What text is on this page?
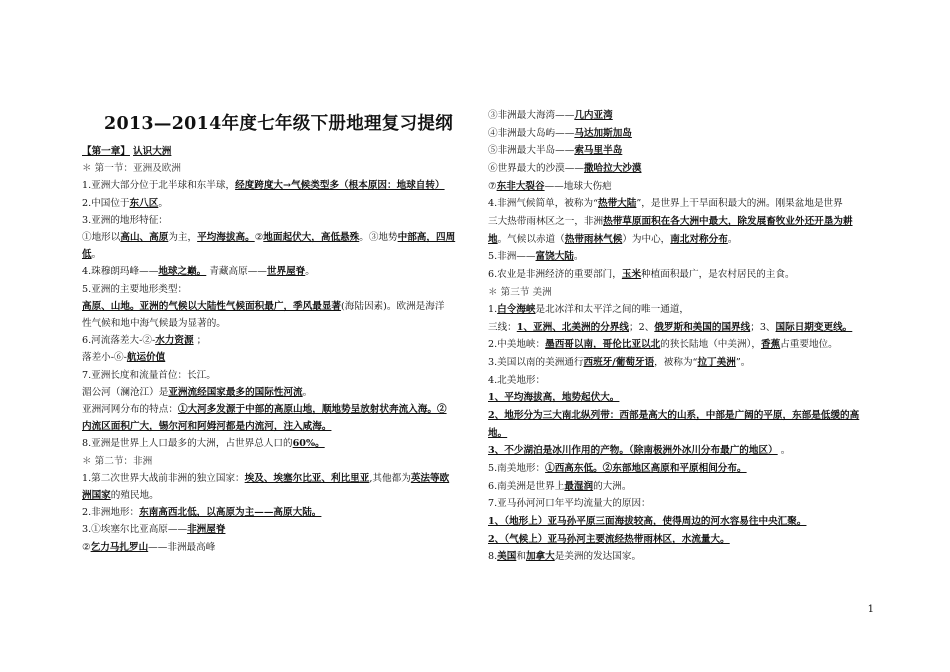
2013—2014年度七年级下册地理复习提纲
【第一章】 认识大洲
＊ 第一节：亚洲及欧洲
1.亚洲大部分位于北半球和东半球，经度跨度大→气候类型多（根本原因：地球自转）
2.中国位于东八区。
3.亚洲的地形特征：
①地形以高山、高原为主，平均海拔高。②地面起伏大，高低悬殊。③地势中部高，四周
低。
4.珠穆朗玛峰——地球之巅。 青藏高原——世界屋脊。
5.亚洲的主要地形类型：
高原、山地。亚洲的气候以大陆性气候面积最广，季风最显著(海陆因素)。欧洲是海洋
性气候和地中海气候最为显著的。
6.河流落差大-②-水力资源 ；
落差小-⑥-航运价值
7.亚洲长度和流量首位：长江。
湄公河（澜沧江）是亚洲流经国家最多的国际性河流。
亚洲河网分布的特点：①大河多发源于中部的高原山地，顺地势呈放射状奔流入海。②
内流区面积广大，锡尔河和阿姆河都是内流河，注入咸海。
8.亚洲是世界上人口最多的大洲，占世界总人口的60%。
＊ 第二节：非洲
1.第二次世界大战前非洲的独立国家：埃及、埃塞尔比亚、利比里亚,其他都为英法等欧
洲国家的殖民地。
2.非洲地形：东南高西北低，以高原为主——高原大陆。
3.①埃塞尔比亚高原——非洲屋脊
②乞力马扎罗山——非洲最高峰
③非洲最大海湾——几内亚湾
④非洲最大岛屿——马达加斯加岛
⑤非洲最大半岛——索马里半岛
⑥世界最大的沙漠——撒哈拉大沙漠
⑦东非大裂谷——地球大伤疤
4.非洲气候简单，被称为“热带大陆”，是世界上干旱面积最大的洲。刚果盆地是世界
三大热带雨林区之一，非洲热带草原面积在各大洲中最大，除发展畜牧业外还开垦为耕
地。气候以赤道（热带雨林气候）为中心，南北对称分布。
5.非洲——富饶大陆。
6.农业是非洲经济的重要部门，玉米种植面积最广，是农村居民的主食。
＊ 第三节 美洲
1.白令海峡是北冰洋和太平洋之间的唯一通道，
三线：1、亚洲、北美洲的分界线；2、俄罗斯和美国的国界线；3、国际日期变更线。
2.中美地峡：墨西哥以南，哥伦比亚以北的狭长陆地（中美洲），香蕉占重要地位。
3.美国以南的美洲通行西班牙/葡萄牙语，被称为“拉丁美洲”。
4.北美地形：
1、平均海拔高，地势起伏大。
2、地形分为三大南北纵列带：西部是高大的山系，中部是广阔的平原，东部是低缓的高
地。
3、不少湖泊是冰川作用的产物。（除南极洲外冰川分布最广的地区） 。
5.南美地形：①西高东低。②东部地区高原和平原相间分布。
6.南美洲是世界上最湿润的大洲。
7.亚马孙河河口年平均流量大的原因：
1、（地形上）亚马孙平原三面海拔较高，使得周边的河水容易往中央汇聚。
2、（气候上）亚马孙河主要流经热带雨林区，水流量大。
8.美国和加拿大是美洲的发达国家。
1
